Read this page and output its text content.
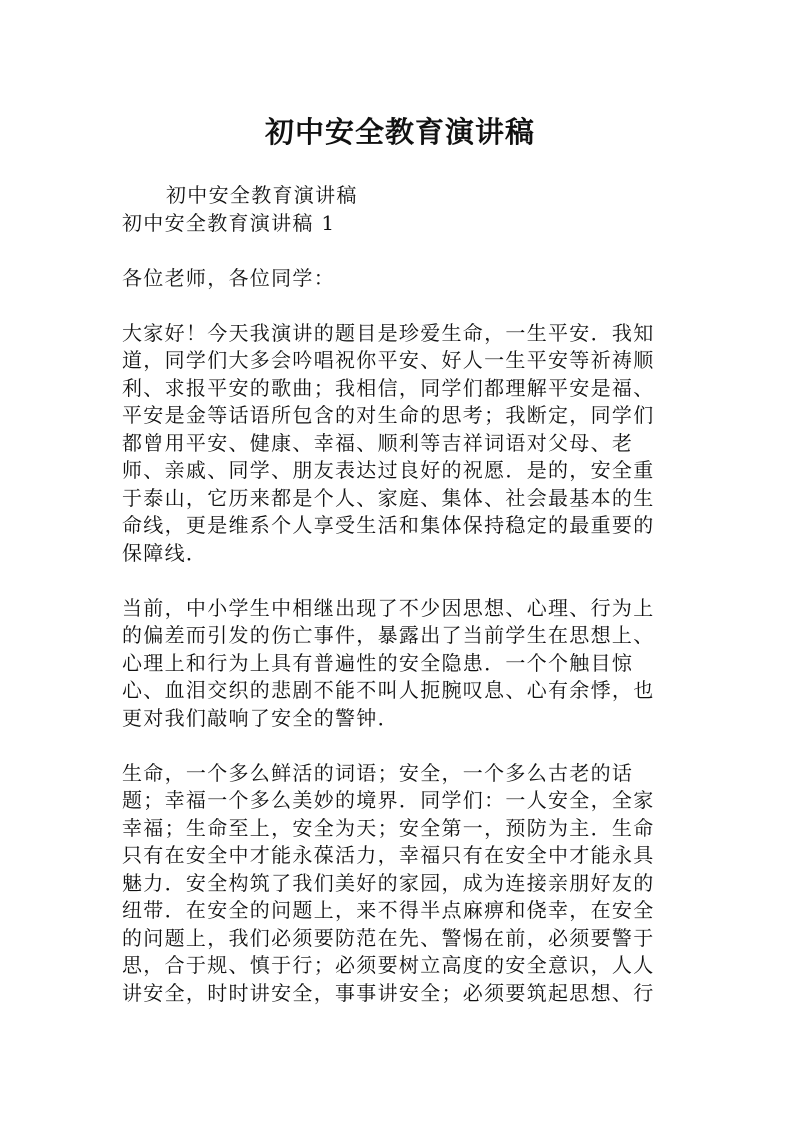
初中安全教育演讲稿
初中安全教育演讲稿
初中安全教育演讲稿 1
各位老师，各位同学：
大家好！今天我演讲的题目是珍爱生命，一生平安．我知
道，同学们大多会吟唱祝你平安、好人一生平安等祈祷顺
利、求报平安的歌曲；我相信，同学们都理解平安是福、
平安是金等话语所包含的对生命的思考；我断定，同学们
都曾用平安、健康、幸福、顺利等吉祥词语对父母、老
师、亲戚、同学、朋友表达过良好的祝愿．是的，安全重
于泰山，它历来都是个人、家庭、集体、社会最基本的生
命线，更是维系个人享受生活和集体保持稳定的最重要的
保障线．
当前，中小学生中相继出现了不少因思想、心理、行为上
的偏差而引发的伤亡事件，暴露出了当前学生在思想上、
心理上和行为上具有普遍性的安全隐患．一个个触目惊
心、血泪交织的悲剧不能不叫人扼腕叹息、心有余悸，也
更对我们敲响了安全的警钟．
生命，一个多么鲜活的词语；安全，一个多么古老的话
题；幸福一个多么美妙的境界．同学们：一人安全，全家
幸福；生命至上，安全为天；安全第一，预防为主．生命
只有在安全中才能永葆活力，幸福只有在安全中才能永具
魅力．安全构筑了我们美好的家园，成为连接亲朋好友的
纽带．在安全的问题上，来不得半点麻痹和侥幸，在安全
的问题上，我们必须要防范在先、警惕在前，必须要警于
思，合于规、慎于行；必须要树立高度的安全意识，人人
讲安全，时时讲安全，事事讲安全；必须要筑起思想、行
